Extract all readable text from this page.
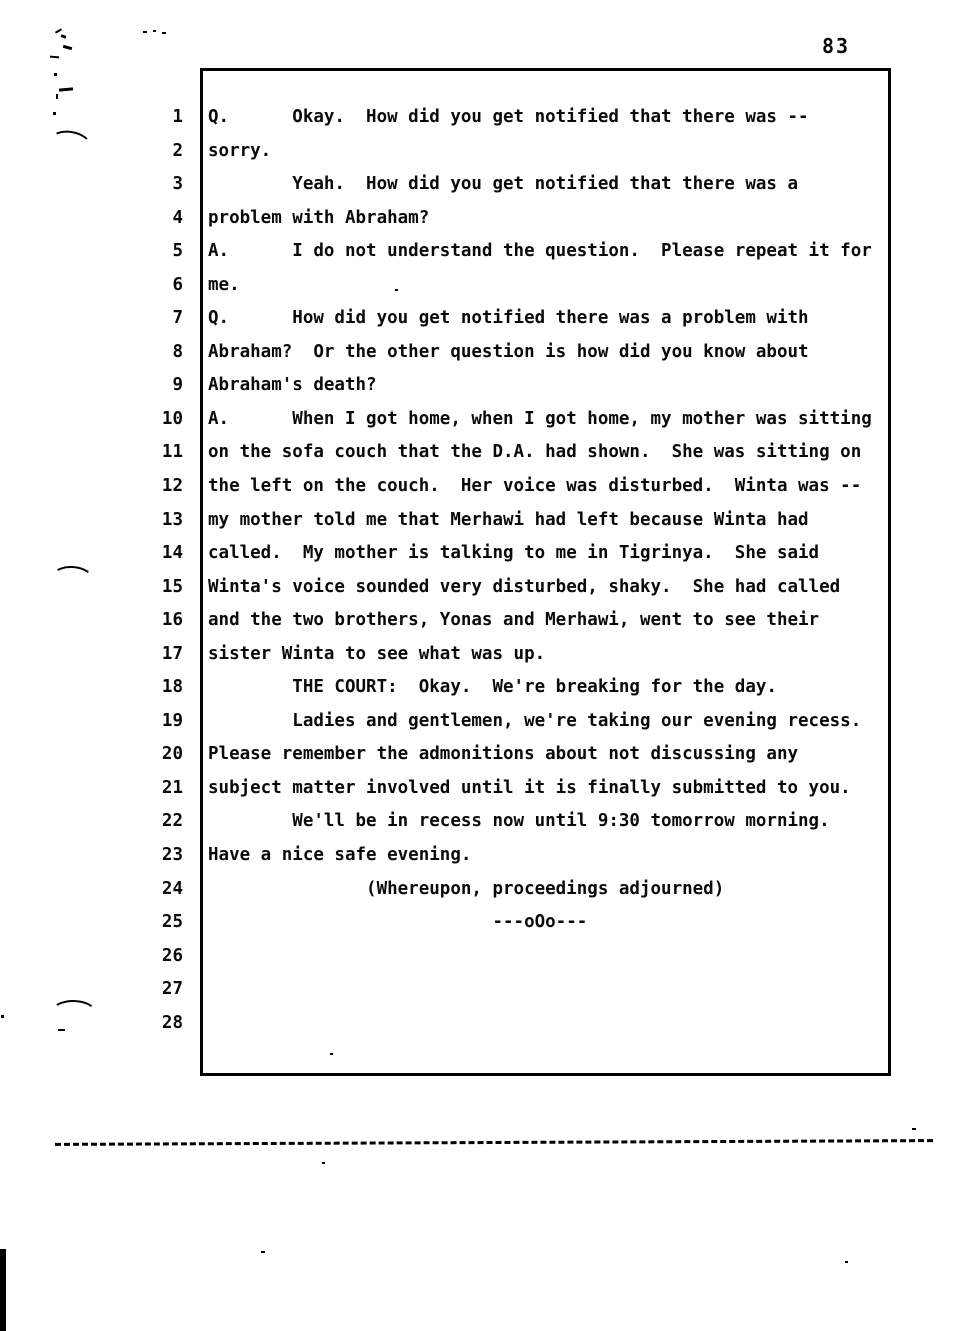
83
1 Q.      Okay.  How did you get notified that there was --
2 sorry.
3 Yeah.  How did you get notified that there was a
4 problem with Abraham?
5 A.      I do not understand the question.  Please repeat it for
6 me.
7 Q.      How did you get notified there was a problem with
8 Abraham?  Or the other question is how did you know about
9 Abraham's death?
10 A.      When I got home, when I got home, my mother was sitting
11 on the sofa couch that the D.A. had shown.  She was sitting on
12 the left on the couch.  Her voice was disturbed.  Winta was --
13 my mother told me that Merhawi had left because Winta had
14 called.  My mother is talking to me in Tigrinya.  She said
15 Winta's voice sounded very disturbed, shaky.  She had called
16 and the two brothers, Yonas and Merhawi, went to see their
17 sister Winta to see what was up.
18 THE COURT:  Okay.  We're breaking for the day.
19 Ladies and gentlemen, we're taking our evening recess.
20 Please remember the admonitions about not discussing any
21 subject matter involved until it is finally submitted to you.
22 We'll be in recess now until 9:30 tomorrow morning.
23 Have a nice safe evening.
24 (Whereupon, proceedings adjourned)
25 ---oOo---
26
27
28
